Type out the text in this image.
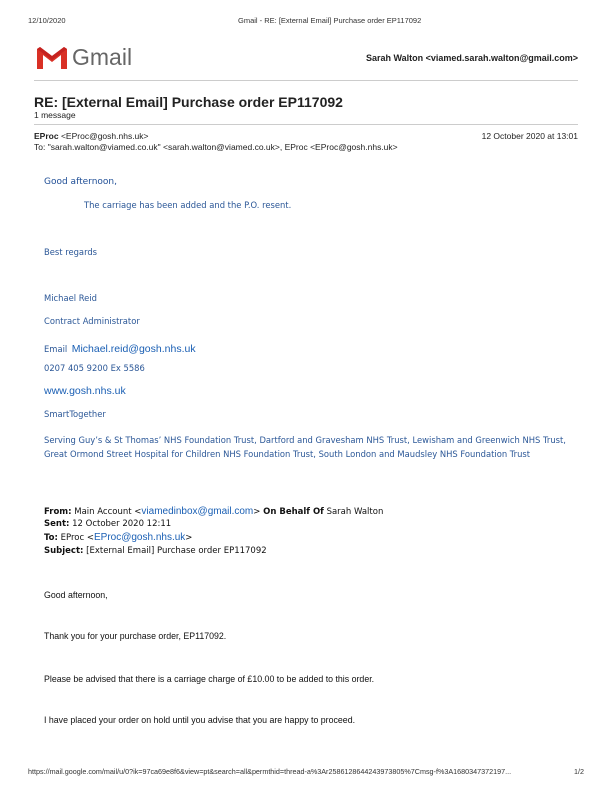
12/10/2020	Gmail - RE: [External Email] Purchase order EP117092
Gmail	Sarah Walton <viamed.sarah.walton@gmail.com>
RE: [External Email] Purchase order EP117092
1 message
EProc <EProc@gosh.nhs.uk>	12 October 2020 at 13:01
To: "sarah.walton@viamed.co.uk" <sarah.walton@viamed.co.uk>, EProc <EProc@gosh.nhs.uk>
Good afternoon,
The carriage has been added and the P.O. resent.
Best regards
Michael Reid
Contract Administrator
Email Michael.reid@gosh.nhs.uk
0207 405 9200 Ex 5586
www.gosh.nhs.uk
SmartTogether
Serving Guy’s & St Thomas’ NHS Foundation Trust, Dartford and Gravesham NHS Trust, Lewisham and Greenwich NHS Trust, Great Ormond Street Hospital for Children NHS Foundation Trust, South London and Maudsley NHS Foundation Trust
From: Main Account <viamedinbox@gmail.com> On Behalf Of Sarah Walton
Sent: 12 October 2020 12:11
To: EProc <EProc@gosh.nhs.uk>
Subject: [External Email] Purchase order EP117092
Good afternoon,
Thank you for your purchase order, EP117092.
Please be advised that there is a carriage charge of £10.00 to be added to this order.
I have placed your order on hold until you advise that you are happy to proceed.
https://mail.google.com/mail/u/0?ik=97ca69e8f6&view=pt&search=all&permthid=thread-a%3Ar2586128644243973805%7Cmsg-f%3A1680347372197...	1/2
